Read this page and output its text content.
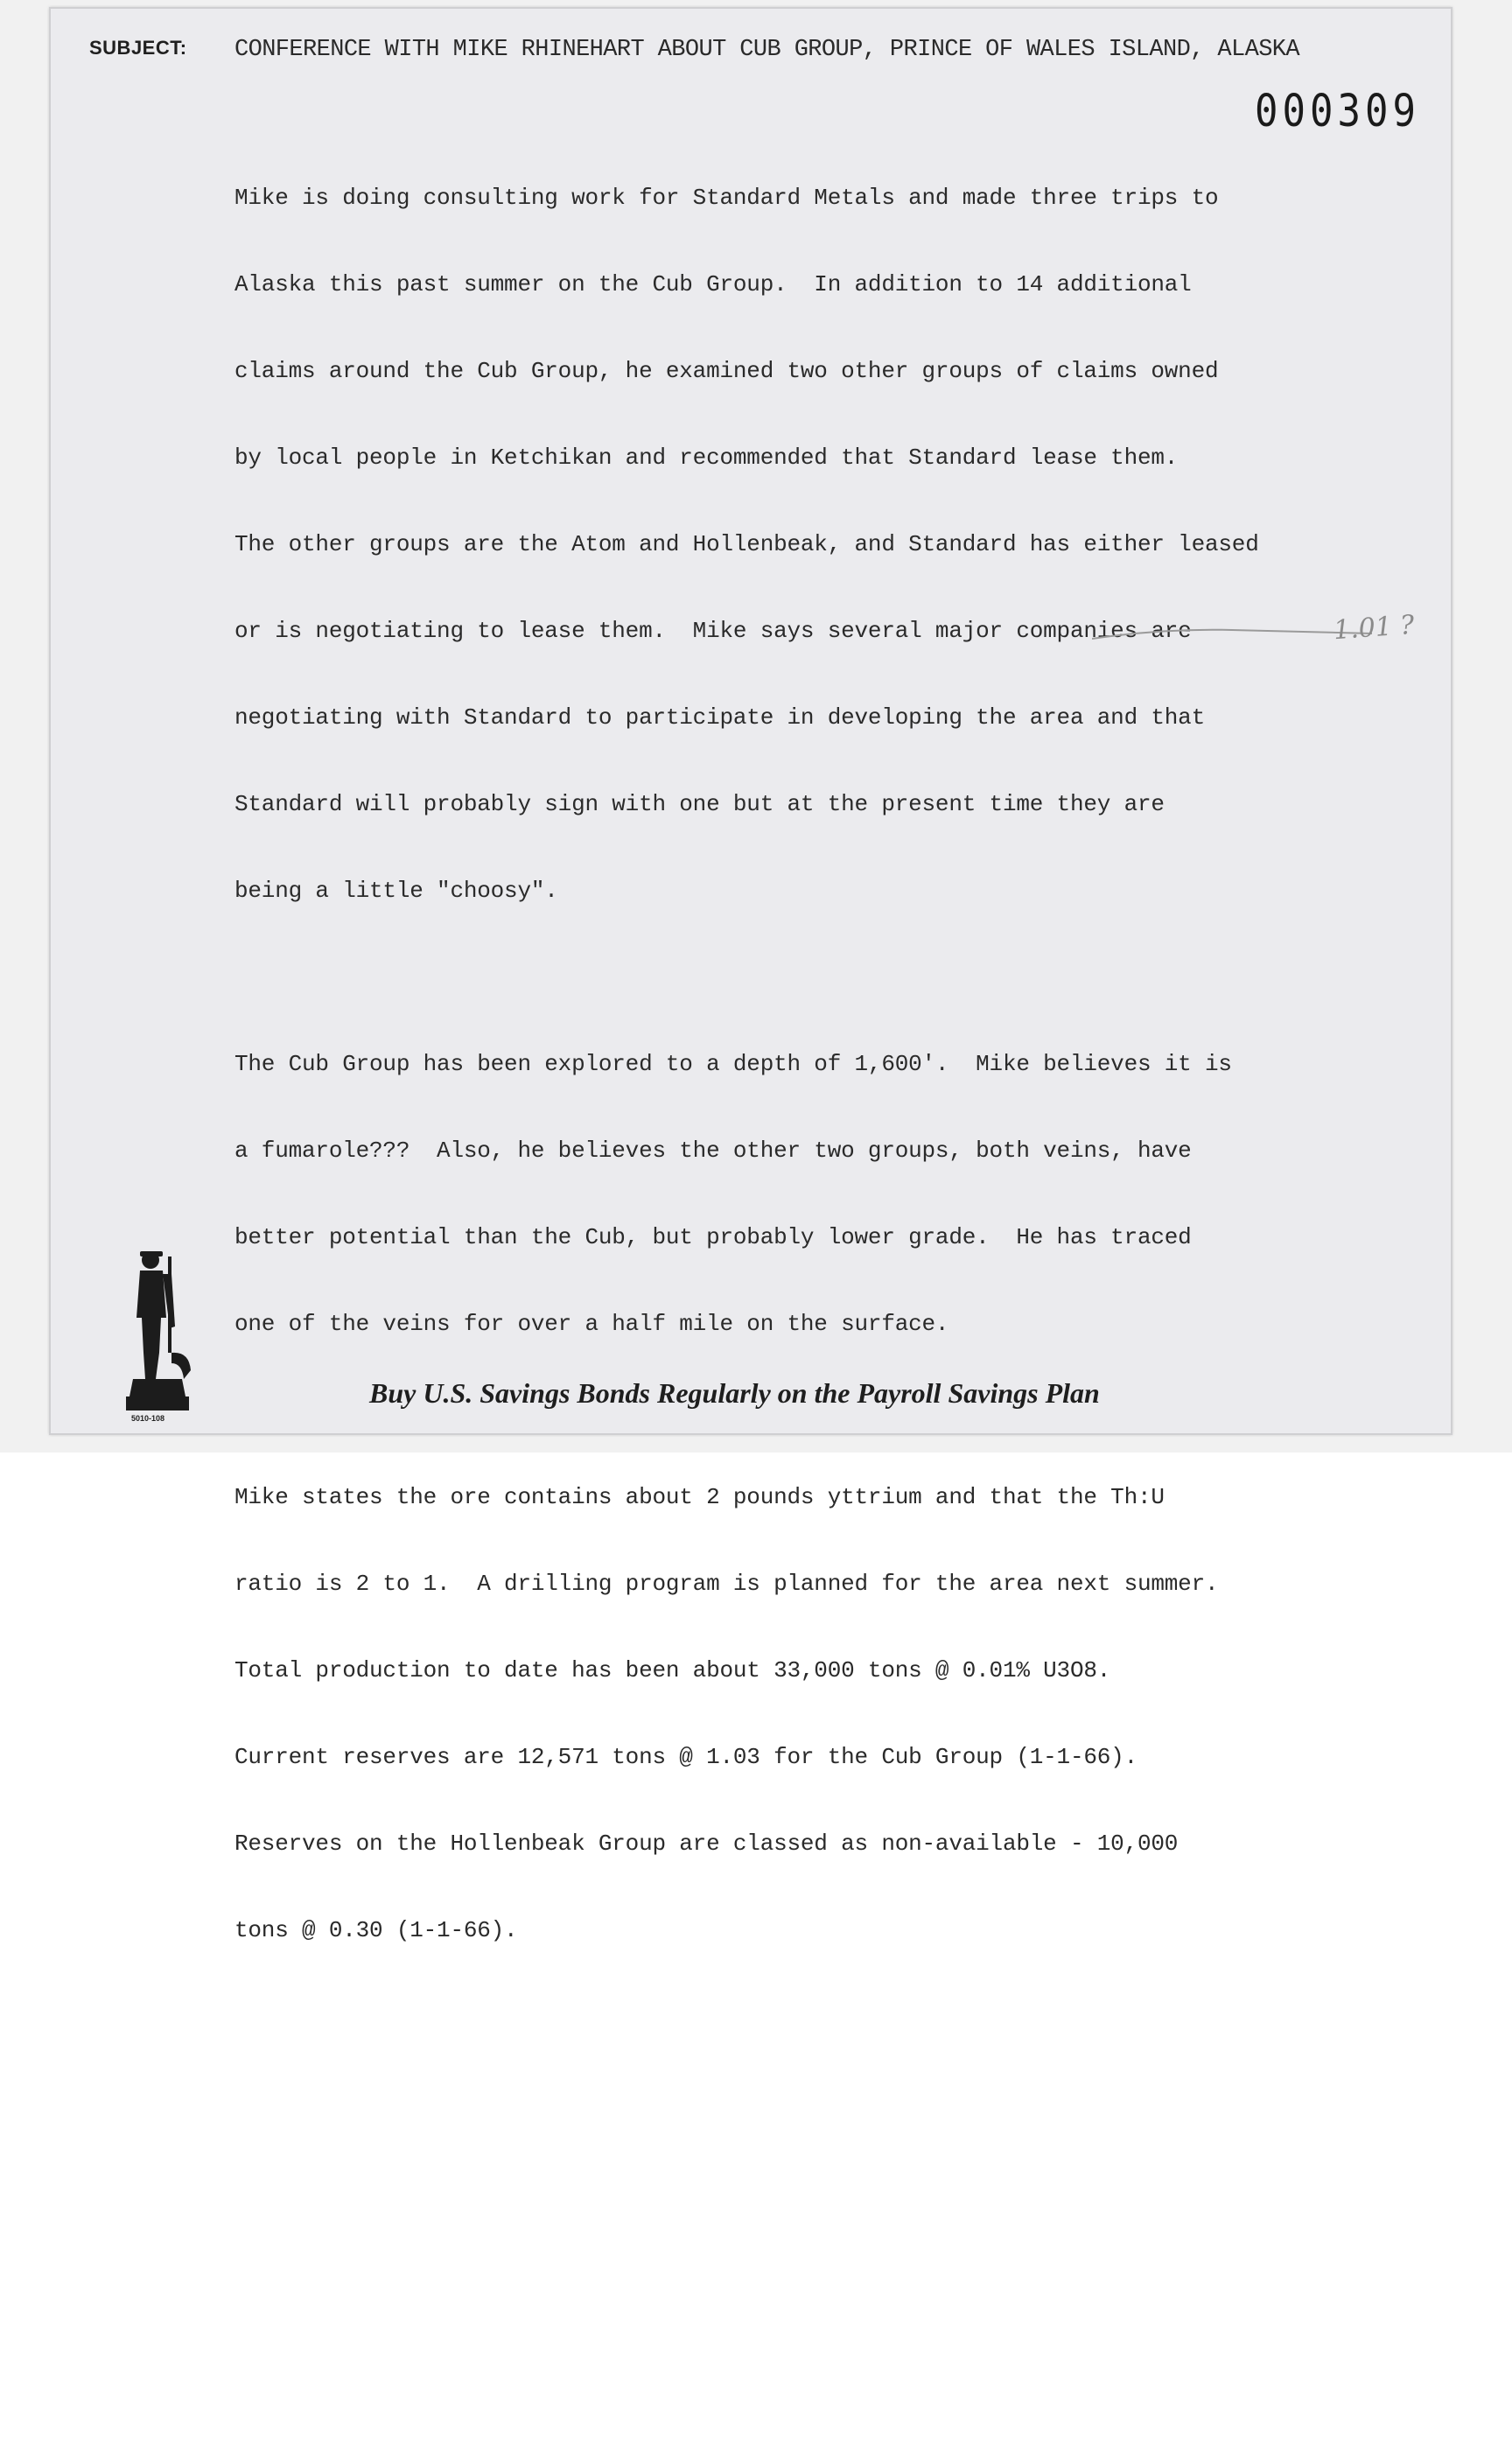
SUBJECT: CONFERENCE WITH MIKE RHINEHART ABOUT CUB GROUP, PRINCE OF WALES ISLAND, ALASKA
000309

Mike is doing consulting work for Standard Metals and made three trips to

Alaska this past summer on the Cub Group.  In addition to 14 additional

claims around the Cub Group, he examined two other groups of claims owned

by local people in Ketchikan and recommended that Standard lease them.

The other groups are the Atom and Hollenbeak, and Standard has either leased

or is negotiating to lease them.  Mike says several major companies are

negotiating with Standard to participate in developing the area and that

Standard will probably sign with one but at the present time they are

being a little "choosy".

The Cub Group has been explored to a depth of 1,600'.  Mike believes it is

a fumarole???  Also, he believes the other two groups, both veins, have

better potential than the Cub, but probably lower grade.  He has traced

one of the veins for over a half mile on the surface.

Mike states the ore contains about 2 pounds yttrium and that the Th:U

ratio is 2 to 1.  A drilling program is planned for the area next summer.

Total production to date has been about 33,000 tons @ 0.01% U3O8.

Current reserves are 12,571 tons @ 1.03 for the Cub Group (1-1-66).

Reserves on the Hollenbeak Group are classed as non-available - 10,000

tons @ 0.30 (1-1-66).

1.01 ?
5010-108
Buy U.S. Savings Bonds Regularly on the Payroll Savings Plan
